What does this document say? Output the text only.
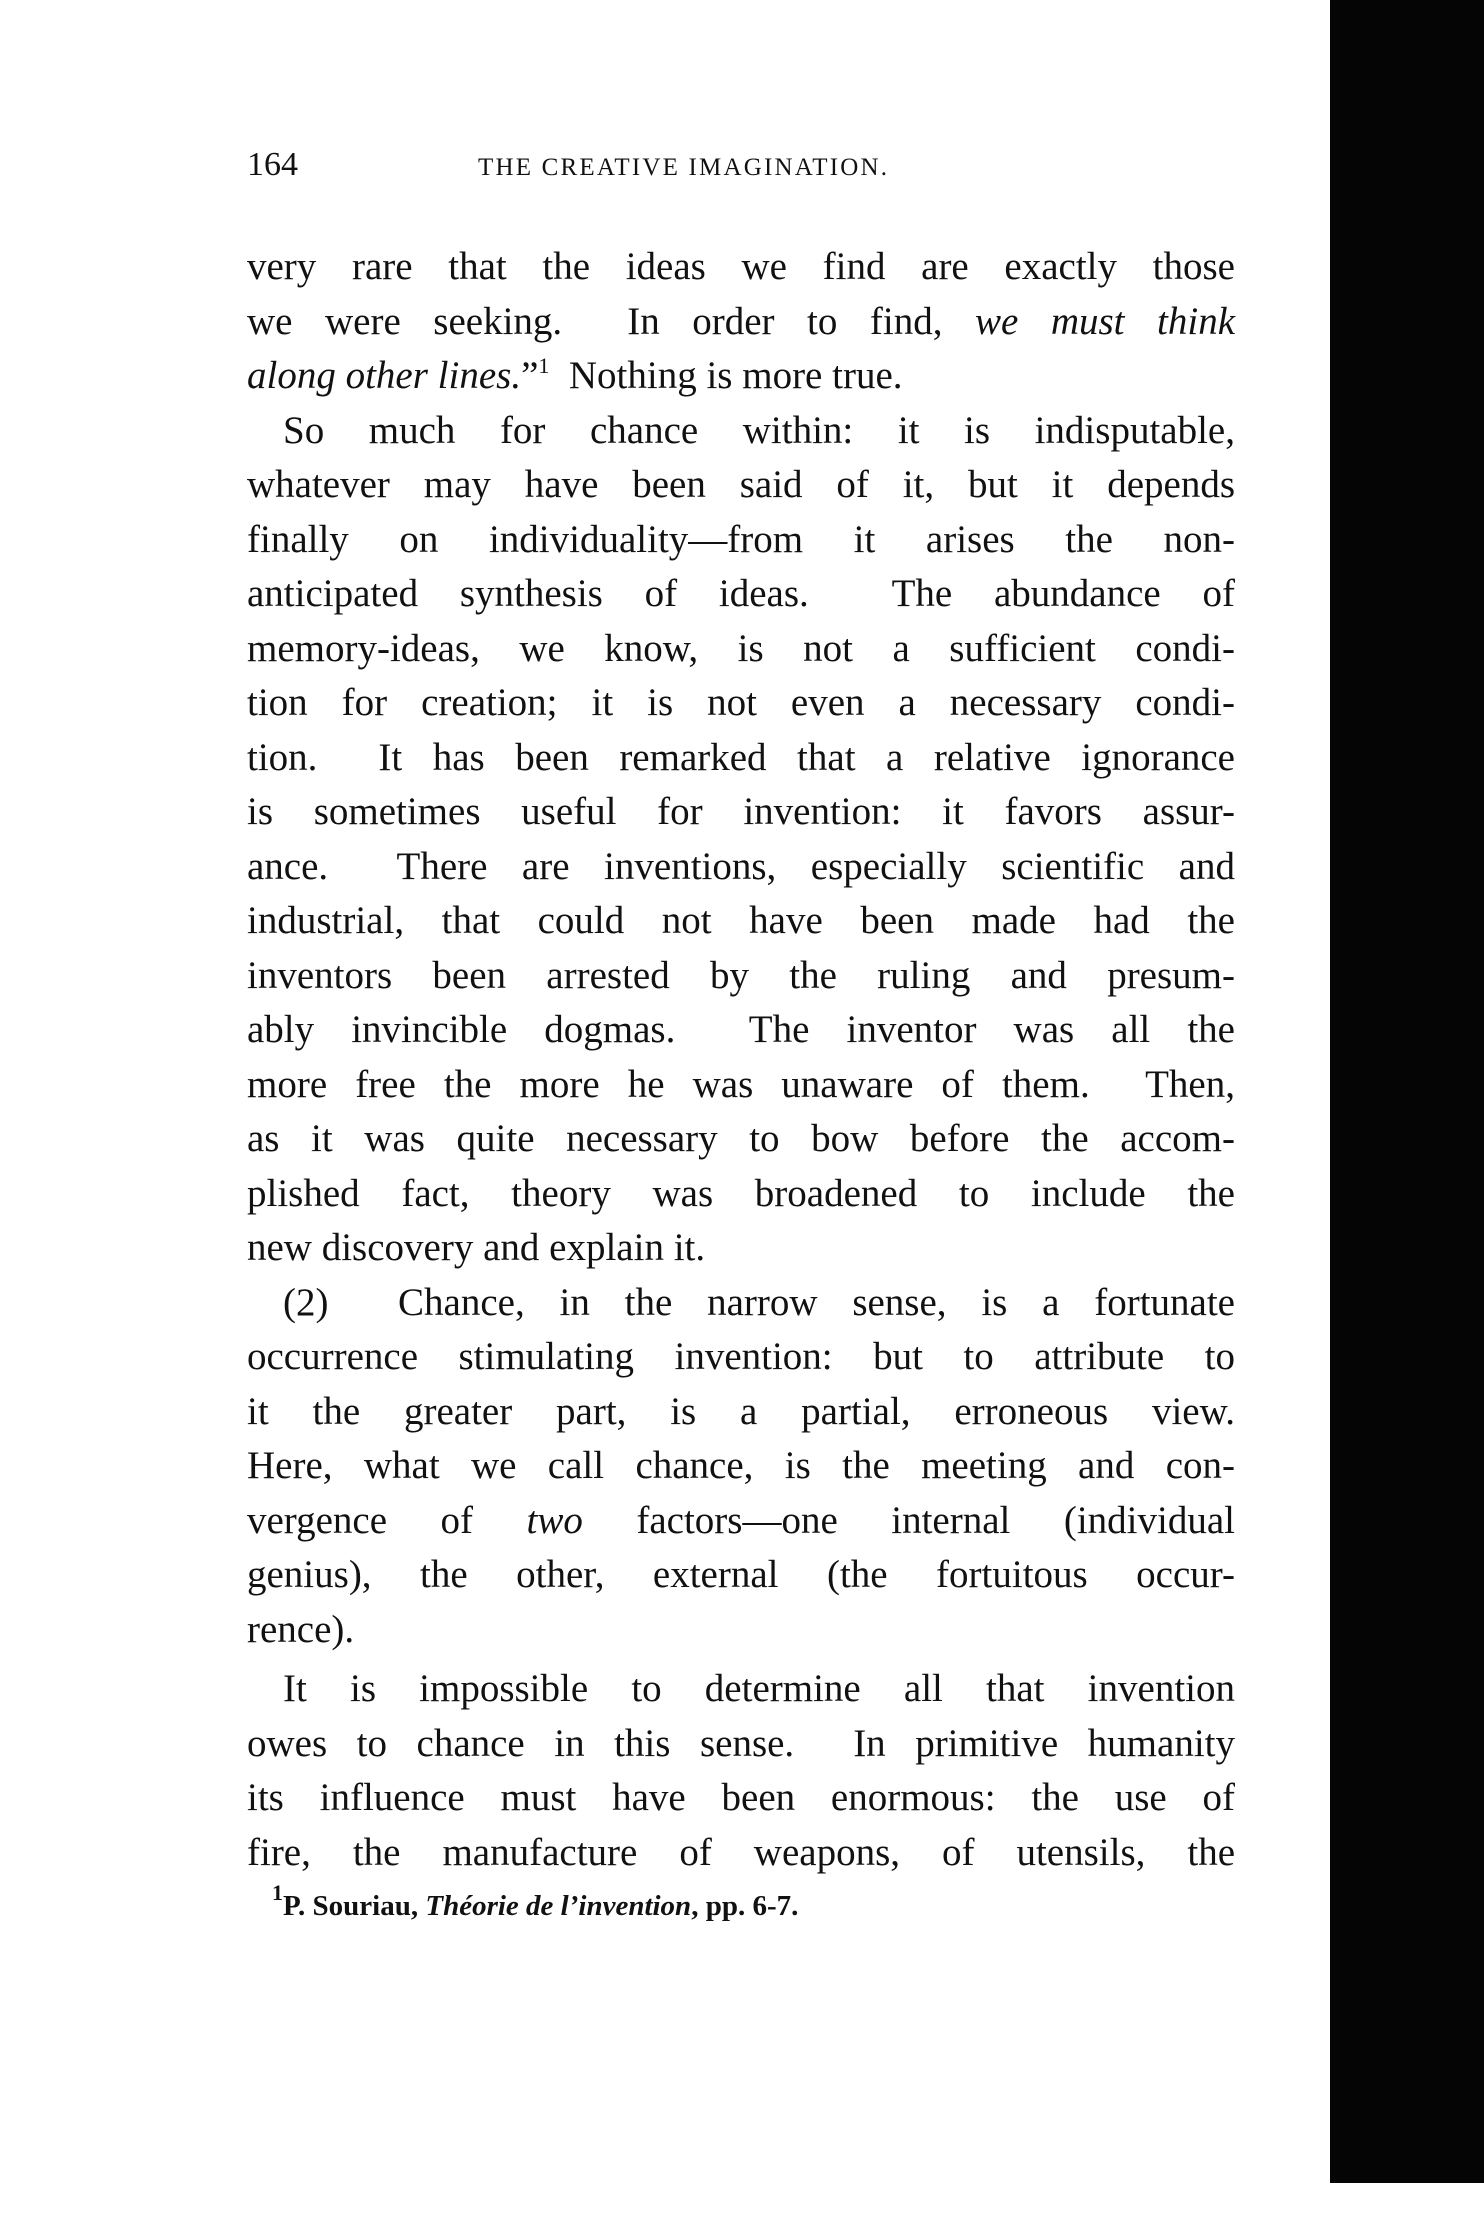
164	THE CREATIVE IMAGINATION.
very rare that the ideas we find are exactly those
we were seeking.  In order to find, we must think
along other lines.”$^1$  Nothing is more true.
So much for chance within: it is indisputable,
whatever may have been said of it, but it depends
finally on individuality—from it arises the non-
anticipated synthesis of ideas.  The abundance of
memory-ideas, we know, is not a sufficient condi-
tion for creation; it is not even a necessary condi-
tion.  It has been remarked that a relative ignorance
is sometimes useful for invention: it favors assur-
ance.  There are inventions, especially scientific and
industrial, that could not have been made had the
inventors been arrested by the ruling and presum-
ably invincible dogmas.  The inventor was all the
more free the more he was unaware of them.  Then,
as it was quite necessary to bow before the accom-
plished fact, theory was broadened to include the
new discovery and explain it.
(2)  Chance, in the narrow sense, is a fortunate
occurrence stimulating invention: but to attribute to
it the greater part, is a partial, erroneous view.
Here, what we call chance, is the meeting and con-
vergence of two factors—one internal (individual
genius), the other, external (the fortuitous occur-
rence).
It is impossible to determine all that invention
owes to chance in this sense.  In primitive humanity
its influence must have been enormous: the use of
fire, the manufacture of weapons, of utensils, the
$^1$P. Souriau, Théorie de l’invention, pp. 6-7.
